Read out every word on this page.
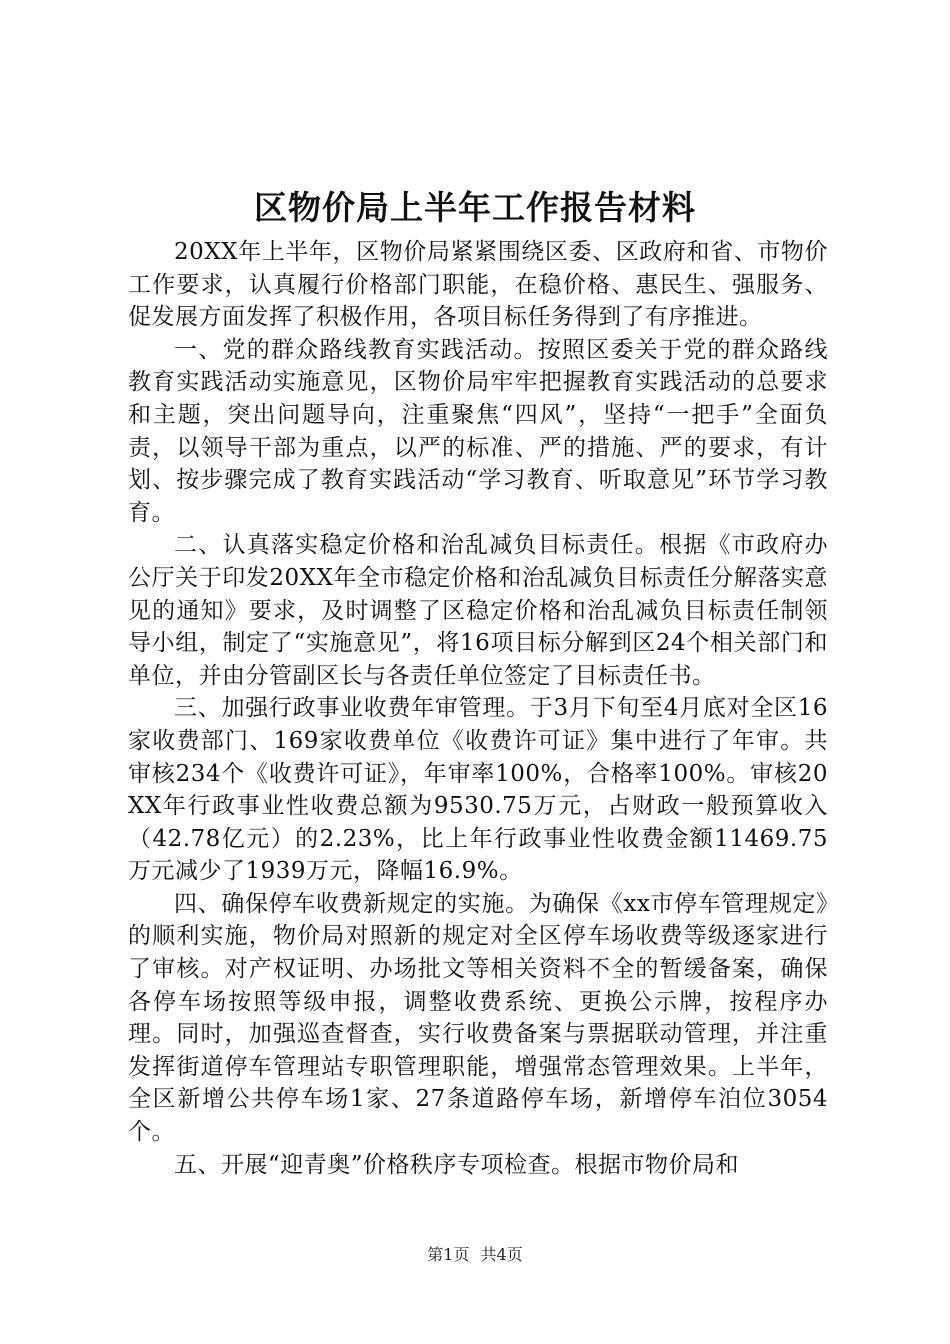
区物价局上半年工作报告材料

20XX年上半年，区物价局紧紧围绕区委、区政府和省、市物价工作要求，认真履行价格部门职能，在稳价格、惠民生、强服务、促发展方面发挥了积极作用，各项目标任务得到了有序推进。

一、党的群众路线教育实践活动。按照区委关于党的群众路线教育实践活动实施意见，区物价局牢牢把握教育实践活动的总要求和主题，突出问题导向，注重聚焦“四风”，坚持“一把手”全面负责，以领导干部为重点，以严的标准、严的措施、严的要求，有计划、按步骤完成了教育实践活动“学习教育、听取意见”环节学习教育。

二、认真落实稳定价格和治乱减负目标责任。根据《市政府办公厅关于印发20XX年全市稳定价格和治乱减负目标责任分解落实意见的通知》要求，及时调整了区稳定价格和治乱减负目标责任制领导小组，制定了“实施意见”，将16项目标分解到区24个相关部门和单位，并由分管副区长与各责任单位签定了目标责任书。

三、加强行政事业收费年审管理。于3月下旬至4月底对全区16家收费部门、169家收费单位《收费许可证》集中进行了年审。共审核234个《收费许可证》，年审率100%，合格率100%。审核20XX年行政事业性收费总额为9530.75万元，占财政一般预算收入（42.78亿元）的2.23%，比上年行政事业性收费金额11469.75万元减少了1939万元，降幅16.9%。

四、确保停车收费新规定的实施。为确保《xx市停车管理规定》的顺利实施，物价局对照新的规定对全区停车场收费等级逐家进行了审核。对产权证明、办场批文等相关资料不全的暂缓备案，确保各停车场按照等级申报，调整收费系统、更换公示牌，按程序办理。同时，加强巡查督查，实行收费备案与票据联动管理，并注重发挥街道停车管理站专职管理职能，增强常态管理效果。上半年，全区新增公共停车场1家、27条道路停车场，新增停车泊位3054个。

五、开展“迎青奥”价格秩序专项检查。根据市物价局和

第1页 共4页
